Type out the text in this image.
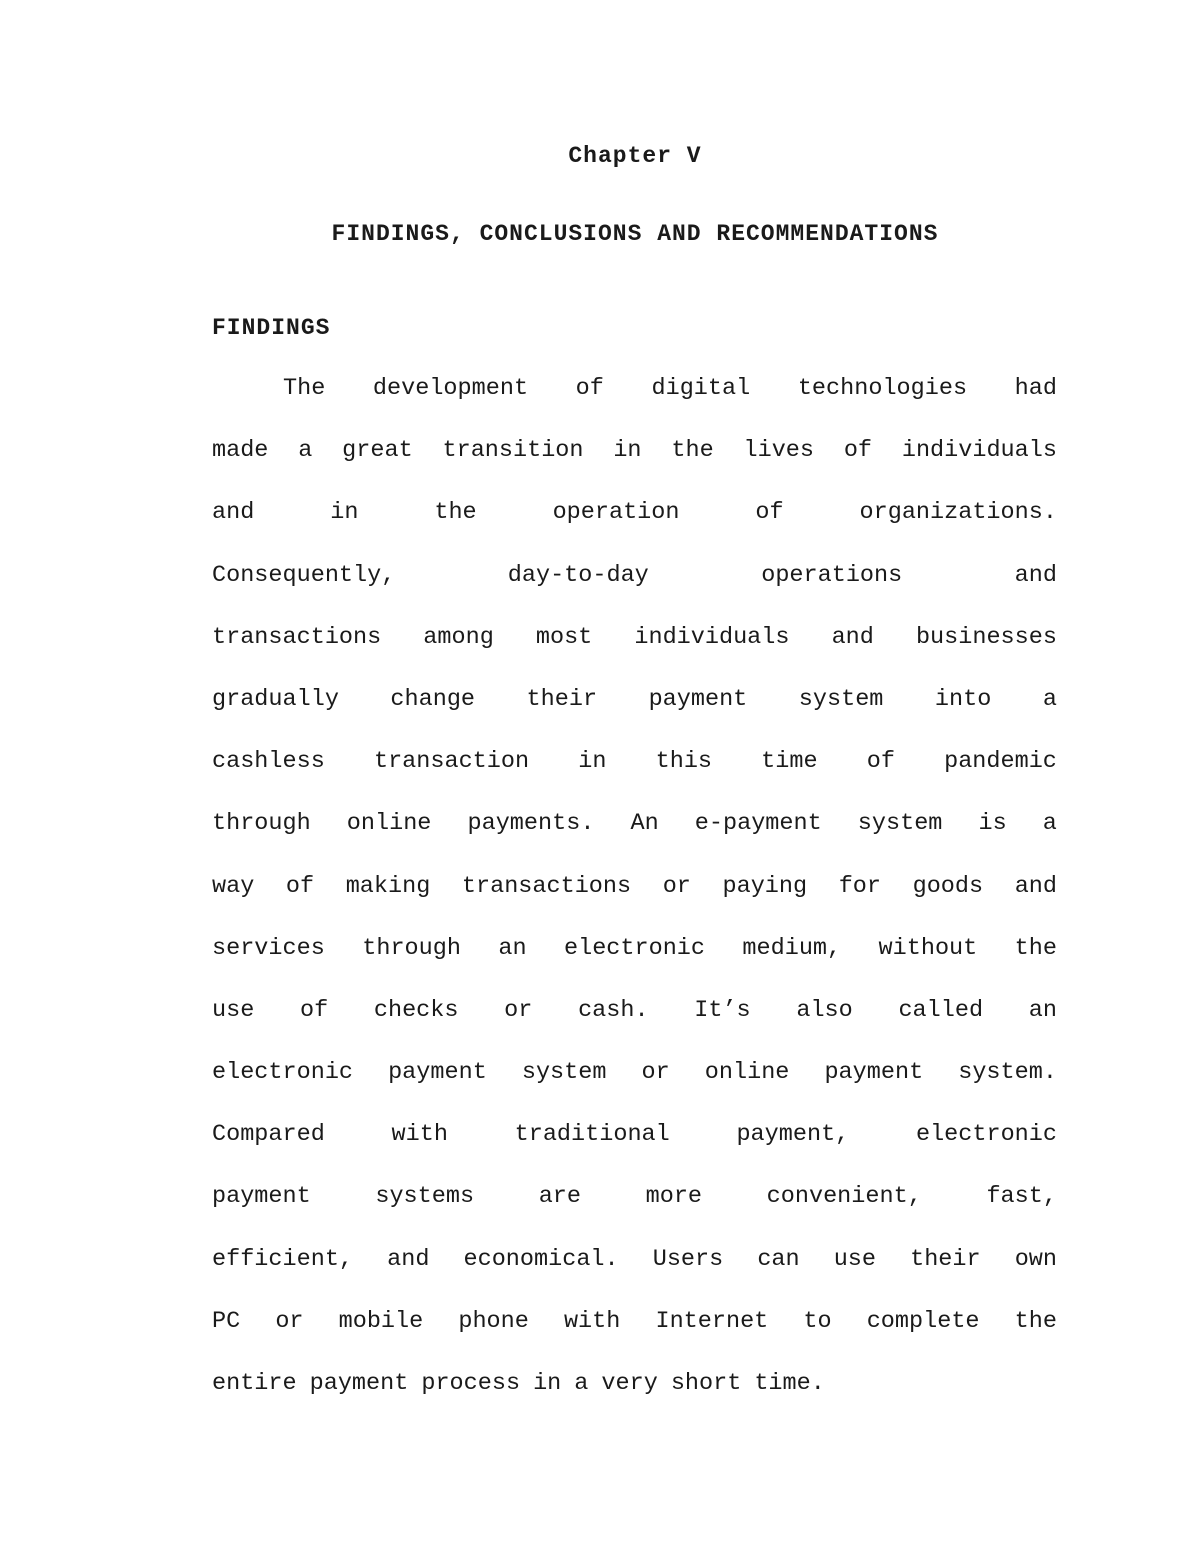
Chapter V
FINDINGS, CONCLUSIONS AND RECOMMENDATIONS
FINDINGS
The development of digital technologies had
made a great transition in the lives of individuals
and	in	the	operation	of	organizations.
Consequently,	day-to-day	operations	and
transactions among most individuals and businesses
gradually change their payment system into a
cashless transaction in this time of pandemic
through online payments. An e-payment system is a
way of making transactions or paying for goods and
services through an electronic medium, without the
use of checks or cash. It’s also called an
electronic payment system or online payment system.
Compared	with	traditional	payment,	electronic
payment	systems	are	more	convenient,	fast,
efficient, and economical. Users can use their own
PC or mobile phone with Internet to complete the
entire payment process in a very short time.
